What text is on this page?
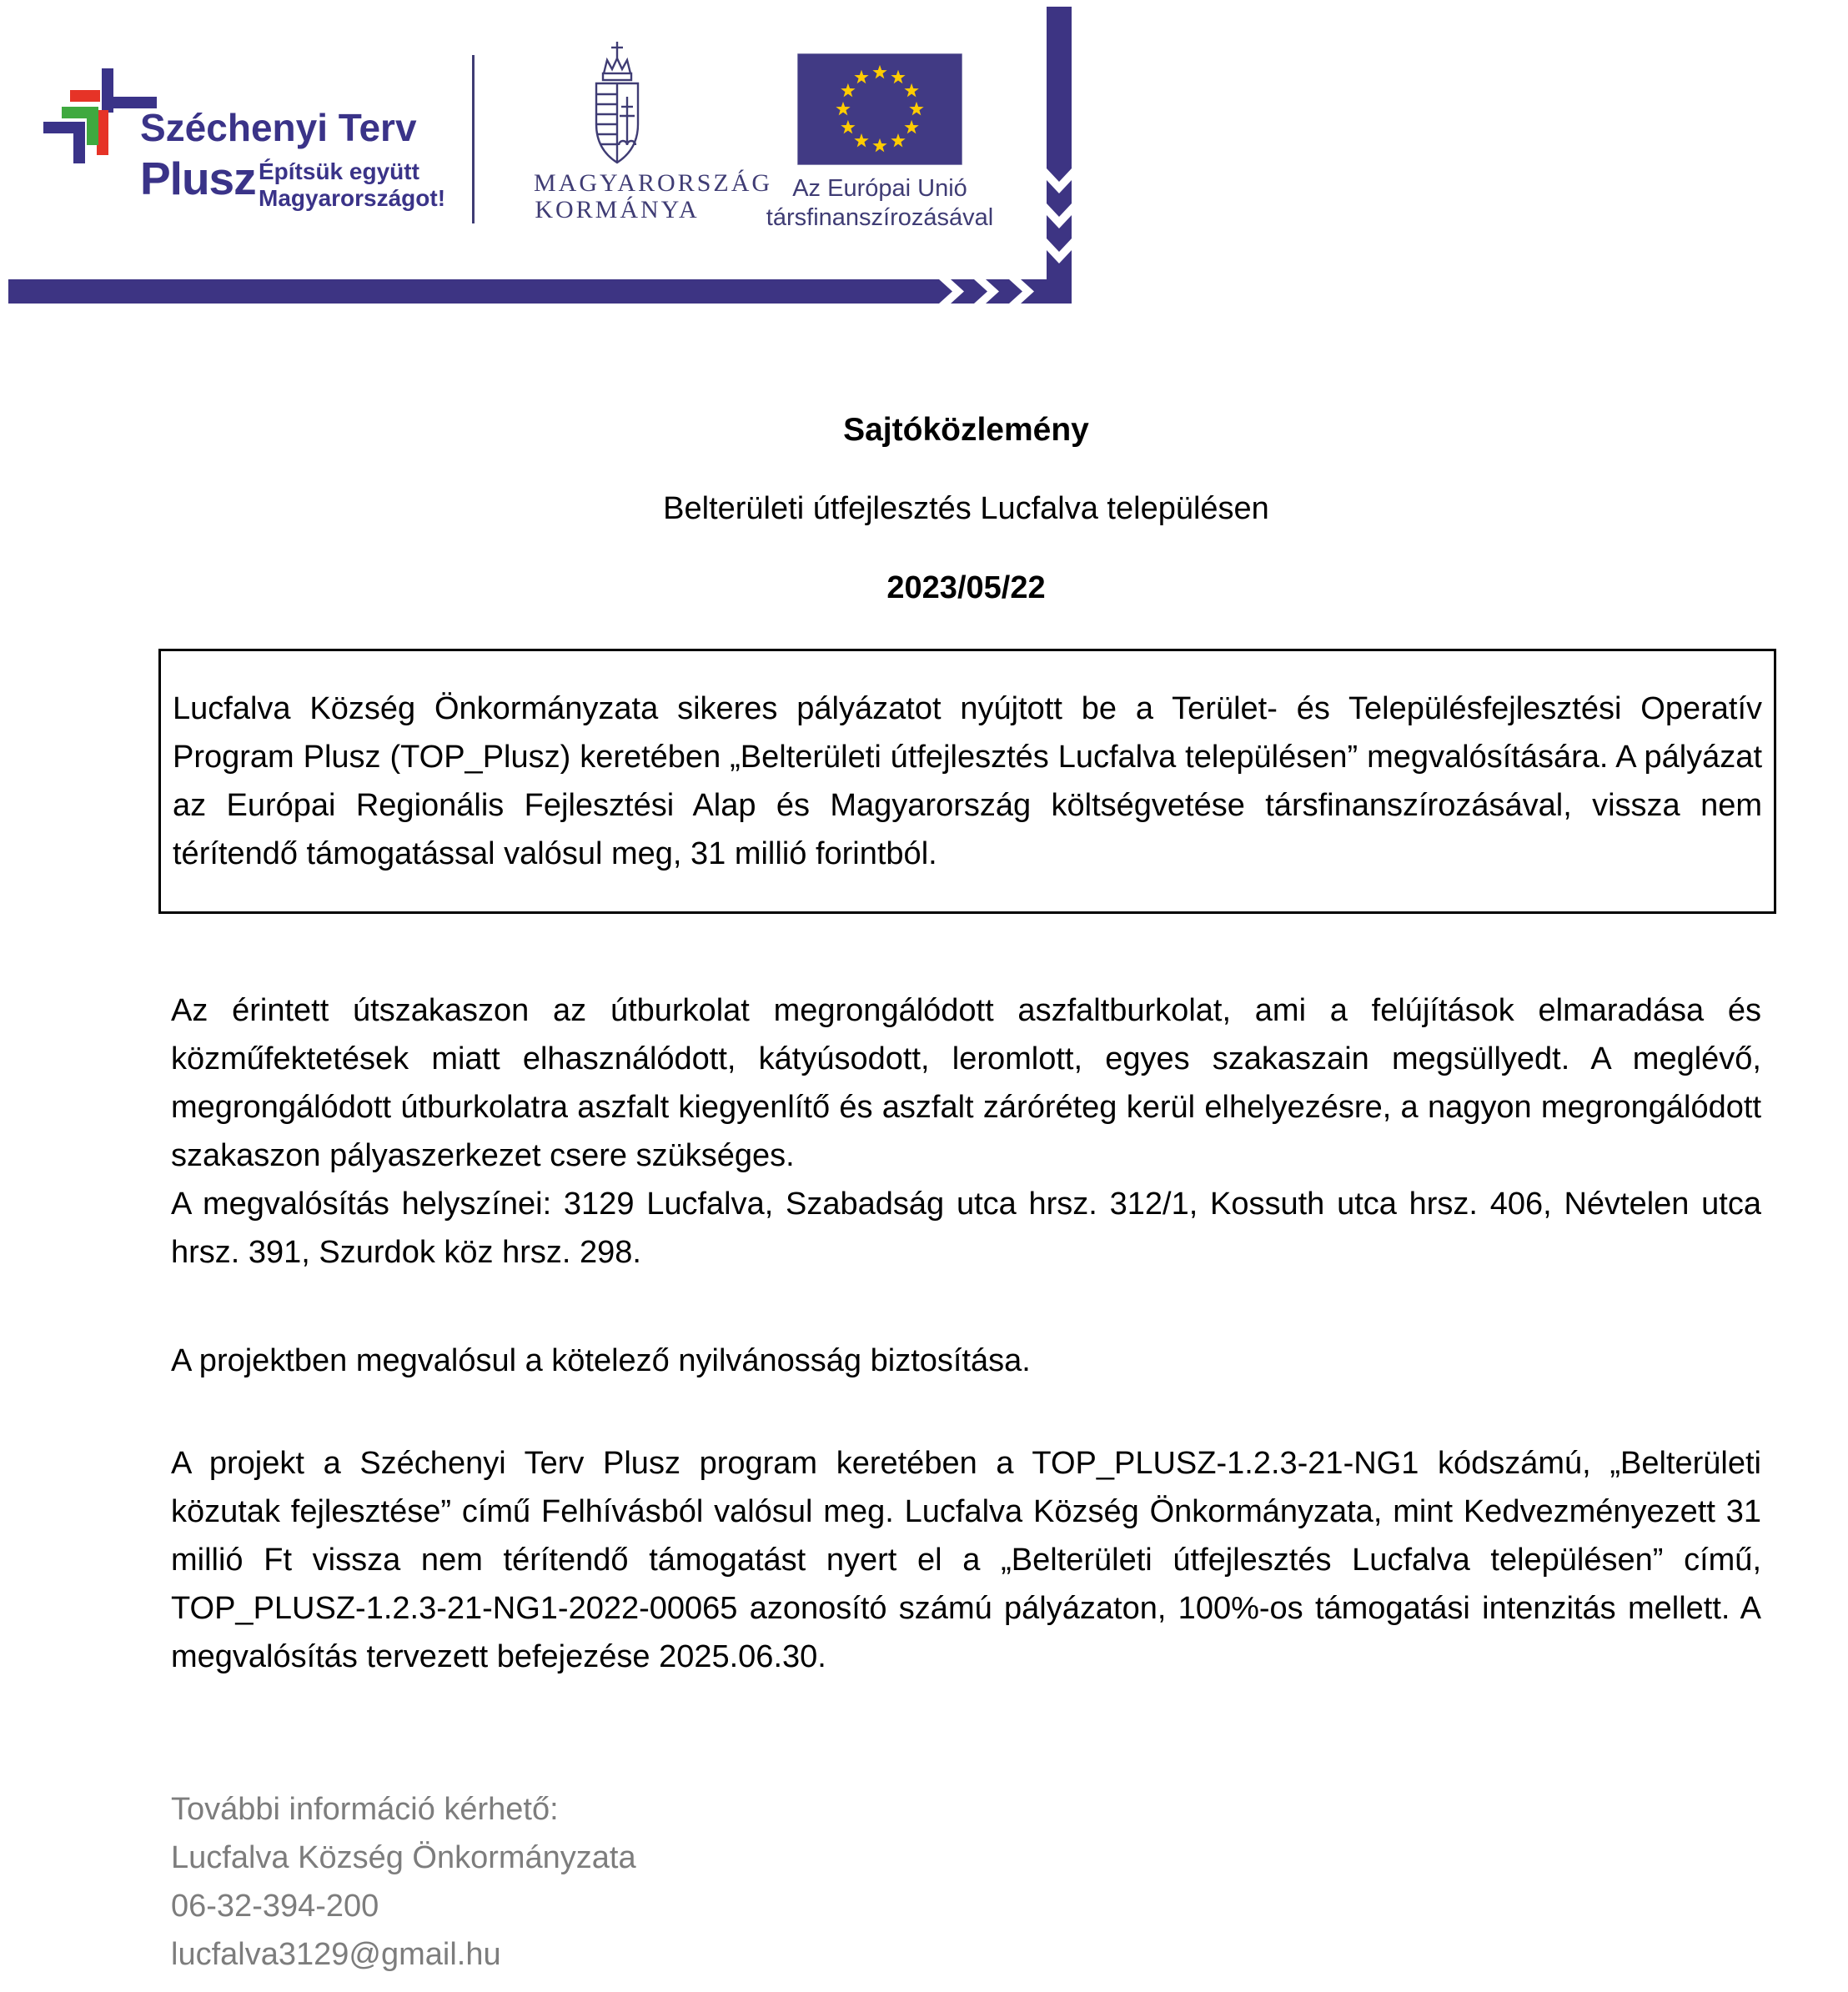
Széchenyi Terv
Plusz Építsük együtt
Magyarországot!
MAGYARORSZÁG
KORMÁNYA
Az Európai Unió
társfinanszírozásával
Sajtóközlemény

Belterületi útfejlesztés Lucfalva településen

2023/05/22

Lucfalva Község Önkormányzata sikeres pályázatot nyújtott be a Terület- és Településfejlesztési Operatív Program Plusz (TOP_Plusz) keretében „Belterületi útfejlesztés Lucfalva településen” megvalósítására. A pályázat az Európai Regionális Fejlesztési Alap és Magyarország költségvetése társfinanszírozásával, vissza nem térítendő támogatással valósul meg, 31 millió forintból.

Az érintett útszakaszon az útburkolat megrongálódott aszfaltburkolat, ami a felújítások elmaradása és közműfektetések miatt elhasználódott, kátyúsodott, leromlott, egyes szakaszain megsüllyedt. A meglévő, megrongálódott útburkolatra aszfalt kiegyenlítő és aszfalt záróréteg kerül elhelyezésre, a nagyon megrongálódott szakaszon pályaszerkezet csere szükséges.

A megvalósítás helyszínei: 3129 Lucfalva, Szabadság utca hrsz. 312/1, Kossuth utca hrsz. 406, Névtelen utca hrsz. 391, Szurdok köz hrsz. 298.

A projektben megvalósul a kötelező nyilvánosság biztosítása.

A projekt a Széchenyi Terv Plusz program keretében a TOP_PLUSZ-1.2.3-21-NG1 kódszámú, „Belterületi közutak fejlesztése” című Felhívásból valósul meg. Lucfalva Község Önkormányzata, mint Kedvezményezett 31 millió Ft vissza nem térítendő támogatást nyert el a „Belterületi útfejlesztés Lucfalva településen” című, TOP_PLUSZ-1.2.3-21-NG1-2022-00065 azonosító számú pályázaton, 100%-os támogatási intenzitás mellett. A megvalósítás tervezett befejezése 2025.06.30.

További információ kérhető:
Lucfalva Község Önkormányzata
06-32-394-200
lucfalva3129@gmail.hu
